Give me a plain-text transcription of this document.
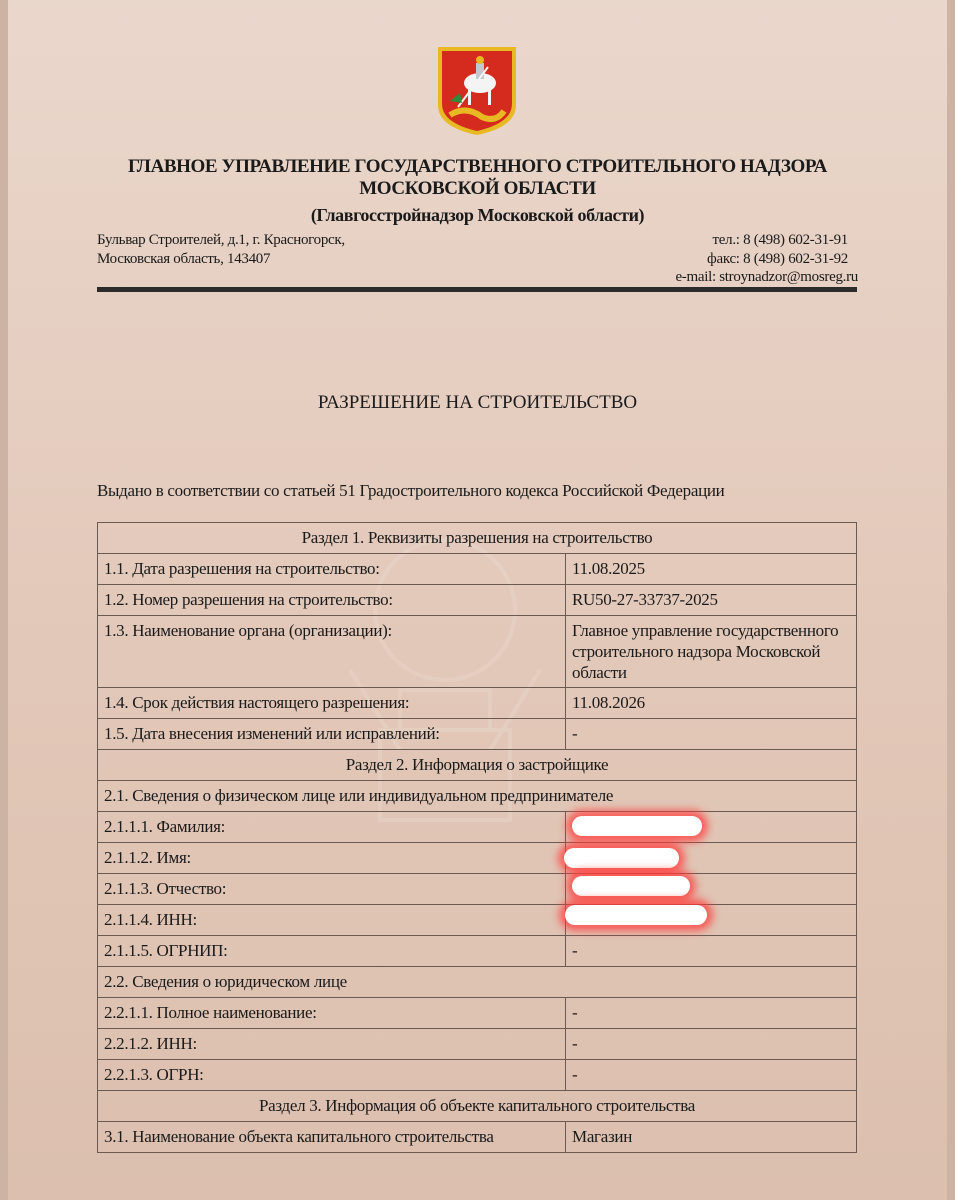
ГЛАВНОЕ УПРАВЛЕНИЕ ГОСУДАРСТВЕННОГО СТРОИТЕЛЬНОГО НАДЗОРА
МОСКОВСКОЙ ОБЛАСТИ
(Главгосстройнадзор Московской области)
Бульвар Строителей, д.1, г. Красногорск,
Московская область, 143407
тел.: 8 (498) 602-31-91
факс: 8 (498) 602-31-92
e-mail: stroynadzor@mosreg.ru
РАЗРЕШЕНИЕ НА СТРОИТЕЛЬСТВО
Выдано в соответствии со статьей 51 Градостроительного кодекса Российской Федерации
Раздел 1. Реквизиты разрешения на строительство	
1.1. Дата разрешения на строительство:	11.08.2025
1.2. Номер разрешения на строительство:	RU50-27-33737-2025
1.3. Наименование органа (организации):	Главное управление государственного строительного надзора Московской области
1.4. Срок действия настоящего разрешения:	11.08.2026
1.5. Дата внесения изменений или исправлений:	-
Раздел 2. Информация о застройщике	
2.1. Сведения о физическом лице или индивидуальном предпринимателе	
2.1.1.1. Фамилия:	
2.1.1.2. Имя:	
2.1.1.3. Отчество:	
2.1.1.4. ИНН:	
2.1.1.5. ОГРНИП:	-
2.2. Сведения о юридическом лице	
2.2.1.1. Полное наименование:	-
2.2.1.2. ИНН:	-
2.2.1.3. ОГРН:	-
Раздел 3. Информация об объекте капитального строительства	
3.1. Наименование объекта капитального строительства	Магазин
